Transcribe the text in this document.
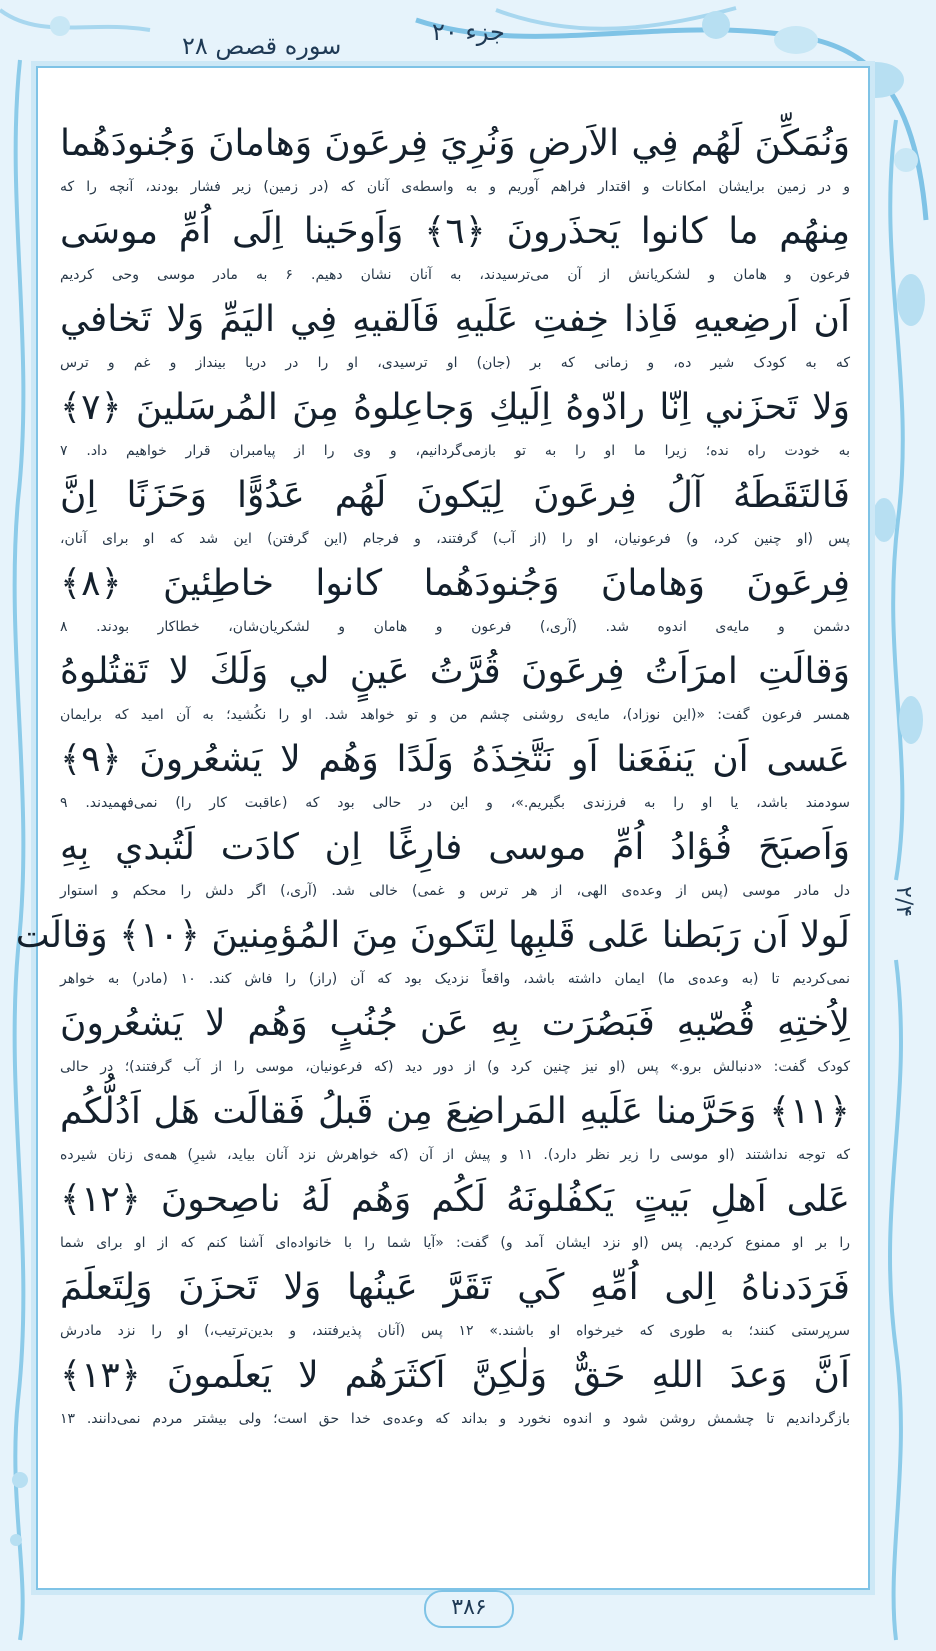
جزء ۲۰
سوره قصص ۲۸
وَنُمَكِّنَ لَهُم فِي الاَرضِ وَنُرِيَ فِرعَونَ وَهامانَ وَجُنودَهُما
و در زمین برایشان امکانات و اقتدار فراهم آوریم و به واسطه‌ی آنان که (در زمین) زیر فشار بودند، آنچه را که
مِنهُم ما كانوا يَحذَرونَ ﴿٦﴾ وَاَوحَينا اِلَى اُمِّ موسَى
فرعون و هامان و لشکریانش از آن می‌ترسیدند، به آنان نشان دهیم. ۶ به مادر موسی وحی کردیم
اَن اَرضِعيهِ فَاِذا خِفتِ عَلَيهِ فَاَلقيهِ فِي اليَمِّ وَلا تَخافي
که به کودک شیر ده، و زمانی که بر (جان) او ترسیدی، او را در دریا بینداز و غم و ترس
وَلا تَحزَني اِنّا رادّوهُ اِلَيكِ وَجاعِلوهُ مِنَ المُرسَلينَ ﴿٧﴾
به خودت راه نده؛ زیرا ما او را به تو بازمی‌گردانیم، و وی را از پیامبران قرار خواهیم داد. ۷
فَالتَقَطَهُ آلُ فِرعَونَ لِيَكونَ لَهُم عَدُوًّا وَحَزَنًا اِنَّ
پس (او چنین کرد، و) فرعونیان، او را (از آب) گرفتند، و فرجام (این گرفتن) این شد که او برای آنان،
فِرعَونَ وَهامانَ وَجُنودَهُما كانوا خاطِئينَ ﴿٨﴾
دشمن و مایه‌ی اندوه شد. (آری،) فرعون و هامان و لشکریان‌شان، خطاکار بودند. ۸
وَقالَتِ امرَاَتُ فِرعَونَ قُرَّتُ عَينٍ لي وَلَكَ لا تَقتُلوهُ
همسر فرعون گفت: «(این نوزاد)، مایه‌ی روشنی چشم من و تو خواهد شد. او را نکُشید؛ به آن امید که برایمان
عَسى اَن يَنفَعَنا اَو نَتَّخِذَهُ وَلَدًا وَهُم لا يَشعُرونَ ﴿٩﴾
سودمند باشد، یا او را به فرزندی بگیریم.»، و این در حالی بود که (عاقبت کار را) نمی‌فهمیدند. ۹
وَاَصبَحَ فُؤادُ اُمِّ موسى فارِغًا اِن كادَت لَتُبدي بِهِ
دل مادر موسی (پس از وعده‌ی الهی، از هر ترس و غمی) خالی شد. (آری،) اگر دلش را محکم و استوار
لَولا اَن رَبَطنا عَلى قَلبِها لِتَكونَ مِنَ المُؤمِنينَ ﴿١٠﴾ وَقالَت
نمی‌کردیم تا (به وعده‌ی ما) ایمان داشته باشد، واقعاً نزدیک بود که آن (راز) را فاش کند. ۱۰ (مادر) به خواهر
لِاُختِهِ قُصّيهِ فَبَصُرَت بِهِ عَن جُنُبٍ وَهُم لا يَشعُرونَ
کودک گفت: «دنبالش برو.» پس (او نیز چنین کرد و) از دور دید (که فرعونیان، موسی را از آب گرفتند)؛ در حالی
﴿١١﴾ وَحَرَّمنا عَلَيهِ المَراضِعَ مِن قَبلُ فَقالَت هَل اَدُلُّكُم
که توجه نداشتند (او موسی را زیر نظر دارد). ۱۱ و پیش از آن (که خواهرش نزد آنان بیاید، شیرِ) همه‌ی زنان شیرده
عَلى اَهلِ بَيتٍ يَكفُلونَهُ لَكُم وَهُم لَهُ ناصِحونَ ﴿١٢﴾
را بر او ممنوع کردیم. پس (او نزد ایشان آمد و) گفت: «آیا شما را با خانواده‌ای آشنا کنم که از او برای شما
فَرَدَدناهُ اِلى اُمِّهِ كَي تَقَرَّ عَينُها وَلا تَحزَنَ وَلِتَعلَمَ
سرپرستی کنند؛ به طوری که خیرخواه او باشند.» ۱۲ پس (آنان پذیرفتند، و بدین‌ترتیب،) او را نزد مادرش
اَنَّ وَعدَ اللهِ حَقٌّ وَلٰكِنَّ اَكثَرَهُم لا يَعلَمونَ ﴿١٣﴾
بازگرداندیم تا چشمش روشن شود و اندوه نخورد و بداند که وعده‌ی خدا حق است؛ ولی بیشتر مردم نمی‌دانند. ۱۳
۲/۴
۳۸۶
